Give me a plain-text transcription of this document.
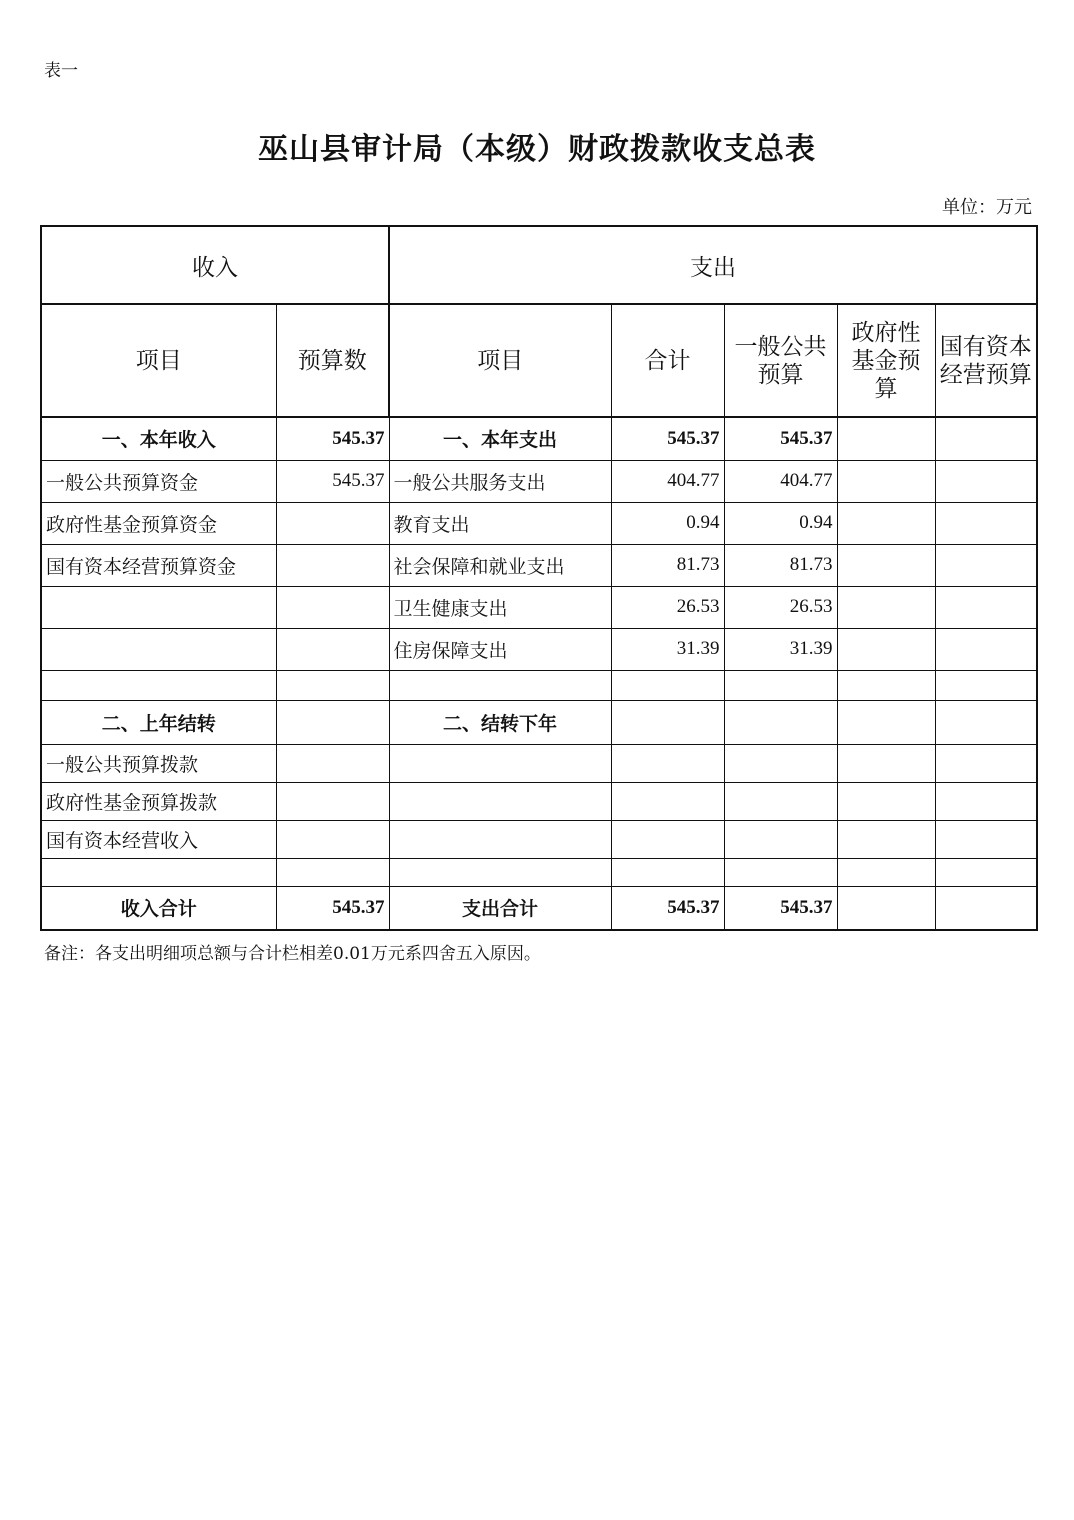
表一
巫山县审计局（本级）财政拨款收支总表
单位：万元
收入		支出				
项目	预算数	项目	合计	一般公共预算	政府性基金预算	国有资本经营预算
一、本年收入	545.37	一、本年支出	545.37	545.37		
一般公共预算资金	545.37	一般公共服务支出	404.77	404.77		
政府性基金预算资金		教育支出	0.94	0.94		
国有资本经营预算资金		社会保障和就业支出	81.73	81.73		
		卫生健康支出	26.53	26.53		
		住房保障支出	31.39	31.39		

二、上年结转		二、结转下年				
一般公共预算拨款						
政府性基金预算拨款						
国有资本经营收入						

收入合计	545.37	支出合计	545.37	545.37		
备注：各支出明细项总额与合计栏相差0.01万元系四舍五入原因。
